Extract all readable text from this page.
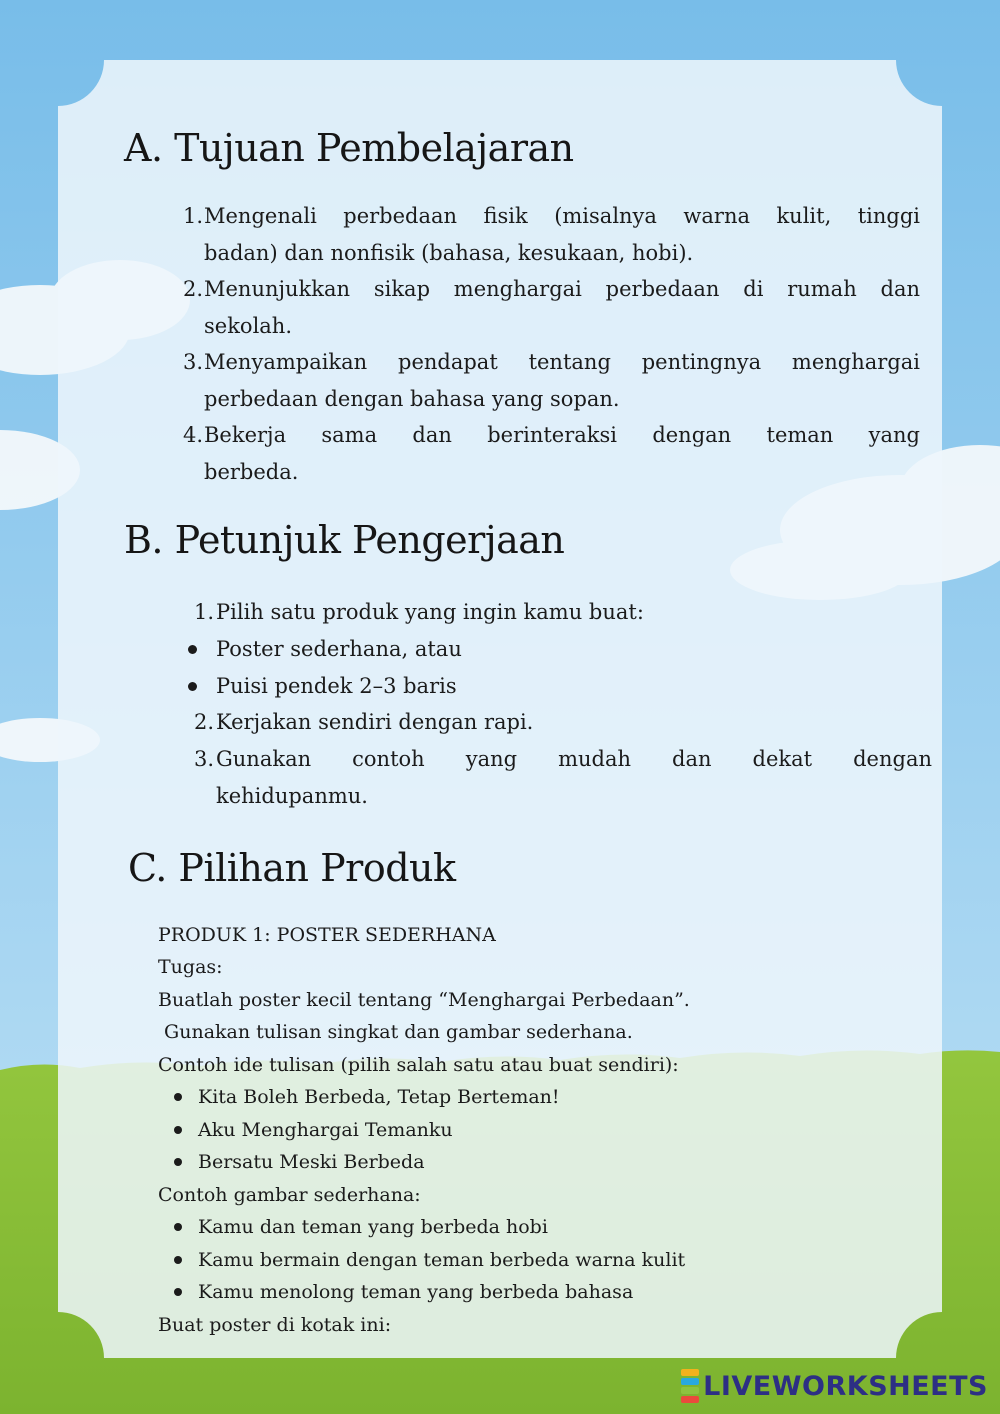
A. Tujuan Pembelajaran
1. Mengenali perbedaan fisik (misalnya warna kulit, tinggi
badan) dan nonfisik (bahasa, kesukaan, hobi).
2. Menunjukkan sikap menghargai perbedaan di rumah dan
sekolah.
3. Menyampaikan pendapat tentang pentingnya menghargai
perbedaan dengan bahasa yang sopan.
4. Bekerja sama dan berinteraksi dengan teman yang
berbeda.
B. Petunjuk Pengerjaan
1. Pilih satu produk yang ingin kamu buat:
Poster sederhana, atau
Puisi pendek 2–3 baris
2. Kerjakan sendiri dengan rapi.
3. Gunakan contoh yang mudah dan dekat dengan
kehidupanmu.
C. Pilihan Produk
PRODUK 1: POSTER SEDERHANA
Tugas:
Buatlah poster kecil tentang “Menghargai Perbedaan”.
Gunakan tulisan singkat dan gambar sederhana.
Contoh ide tulisan (pilih salah satu atau buat sendiri):
Kita Boleh Berbeda, Tetap Berteman!
Aku Menghargai Temanku
Bersatu Meski Berbeda
Contoh gambar sederhana:
Kamu dan teman yang berbeda hobi
Kamu bermain dengan teman berbeda warna kulit
Kamu menolong teman yang berbeda bahasa
Buat poster di kotak ini:
LIVEWORKSHEETS
